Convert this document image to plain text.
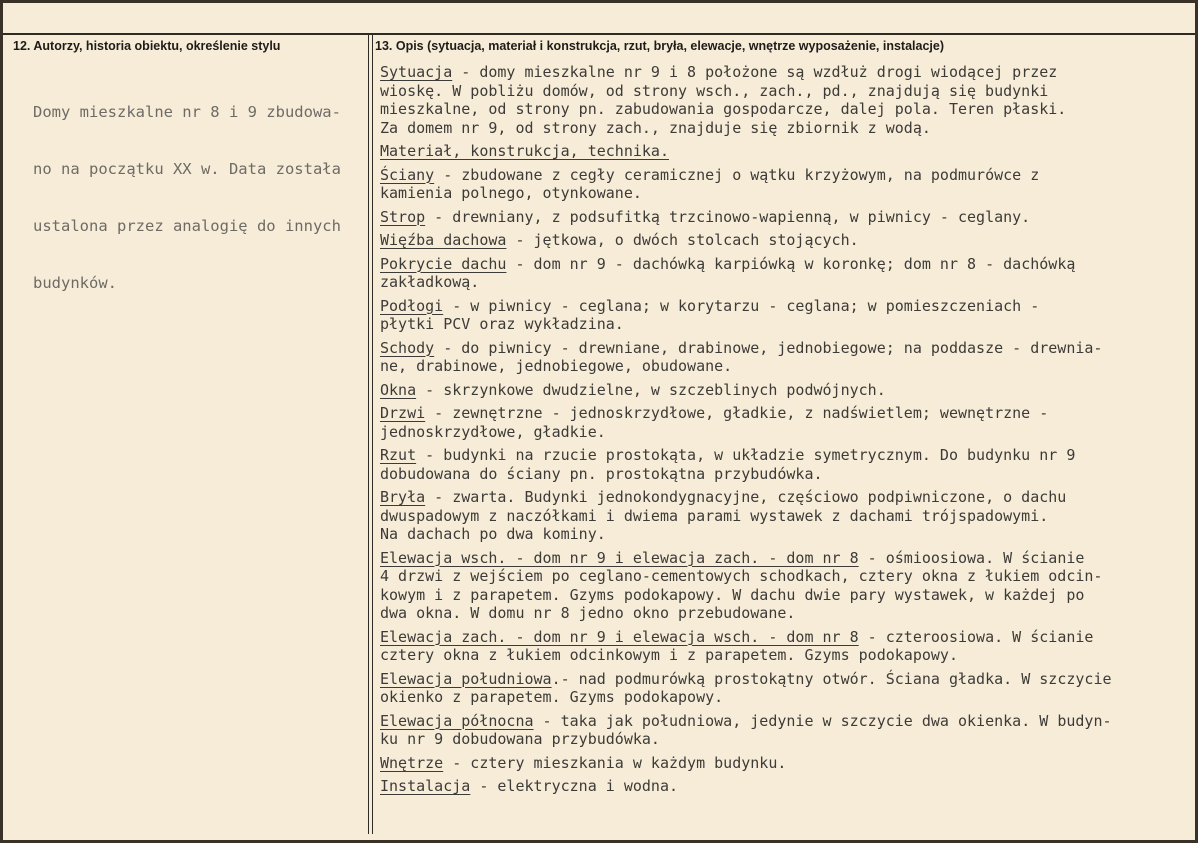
12. Autorzy, historia obiektu, określenie stylu	13. Opis (sytuacja, materiał i konstrukcja, rzut, bryła, elewacje, wnętrze wyposażenie, instalacje)

Domy mieszkalne nr 8 i 9 zbudowa-

no na początku XX w. Data została

ustalona przez analogię do innych

budynków.

Sytuacja - domy mieszkalne nr 9 i 8 położone są wzdłuż drogi wiodącej przez
wioskę. W pobliżu domów, od strony wsch., zach., pd., znajdują się budynki
mieszkalne, od strony pn. zabudowania gospodarcze, dalej pola. Teren płaski.
Za domem nr 9, od strony zach., znajduje się zbiornik z wodą.
Materiał, konstrukcja, technika.
Ściany - zbudowane z cegły ceramicznej o wątku krzyżowym, na podmurówce z
kamienia polnego, otynkowane.
Strop - drewniany, z podsufitką trzcinowo-wapienną, w piwnicy - ceglany.
Więźba dachowa - jętkowa, o dwóch stolcach stojących.
Pokrycie dachu - dom nr 9 - dachówką karpiówką w koronkę; dom nr 8 - dachówką
zakładkową.
Podłogi - w piwnicy - ceglana; w korytarzu - ceglana; w pomieszczeniach -
płytki PCV oraz wykładzina.
Schody - do piwnicy - drewniane, drabinowe, jednobiegowe; na poddasze - drewnia-
ne, drabinowe, jednobiegowe, obudowane.
Okna - skrzynkowe dwudzielne, w szczeblinych podwójnych.
Drzwi - zewnętrzne - jednoskrzydłowe, gładkie, z nadświetlem; wewnętrzne -
jednoskrzydłowe, gładkie.
Rzut - budynki na rzucie prostokąta, w układzie symetrycznym. Do budynku nr 9
dobudowana do ściany pn. prostokątna przybudówka.
Bryła - zwarta. Budynki jednokondygnacyjne, częściowo podpiwniczone, o dachu
dwuspadowym z naczółkami i dwiema parami wystawek z dachami trójspadowymi.
Na dachach po dwa kominy.
Elewacja wsch. - dom nr 9 i elewacja zach. - dom nr 8 - ośmioosiowa. W ścianie
4 drzwi z wejściem po ceglano-cementowych schodkach, cztery okna z łukiem odcin-
kowym i z parapetem. Gzyms podokapowy. W dachu dwie pary wystawek, w każdej po
dwa okna. W domu nr 8 jedno okno przebudowane.
Elewacja zach. - dom nr 9 i elewacja wsch. - dom nr 8 - czteroosiowa. W ścianie
cztery okna z łukiem odcinkowym i z parapetem. Gzyms podokapowy.
Elewacja południowa.- nad podmurówką prostokątny otwór. Ściana gładka. W szczycie
okienko z parapetem. Gzyms podokapowy.
Elewacja północna - taka jak południowa, jedynie w szczycie dwa okienka. W budyn-
ku nr 9 dobudowana przybudówka.
Wnętrze - cztery mieszkania w każdym budynku.
Instalacja - elektryczna i wodna.
